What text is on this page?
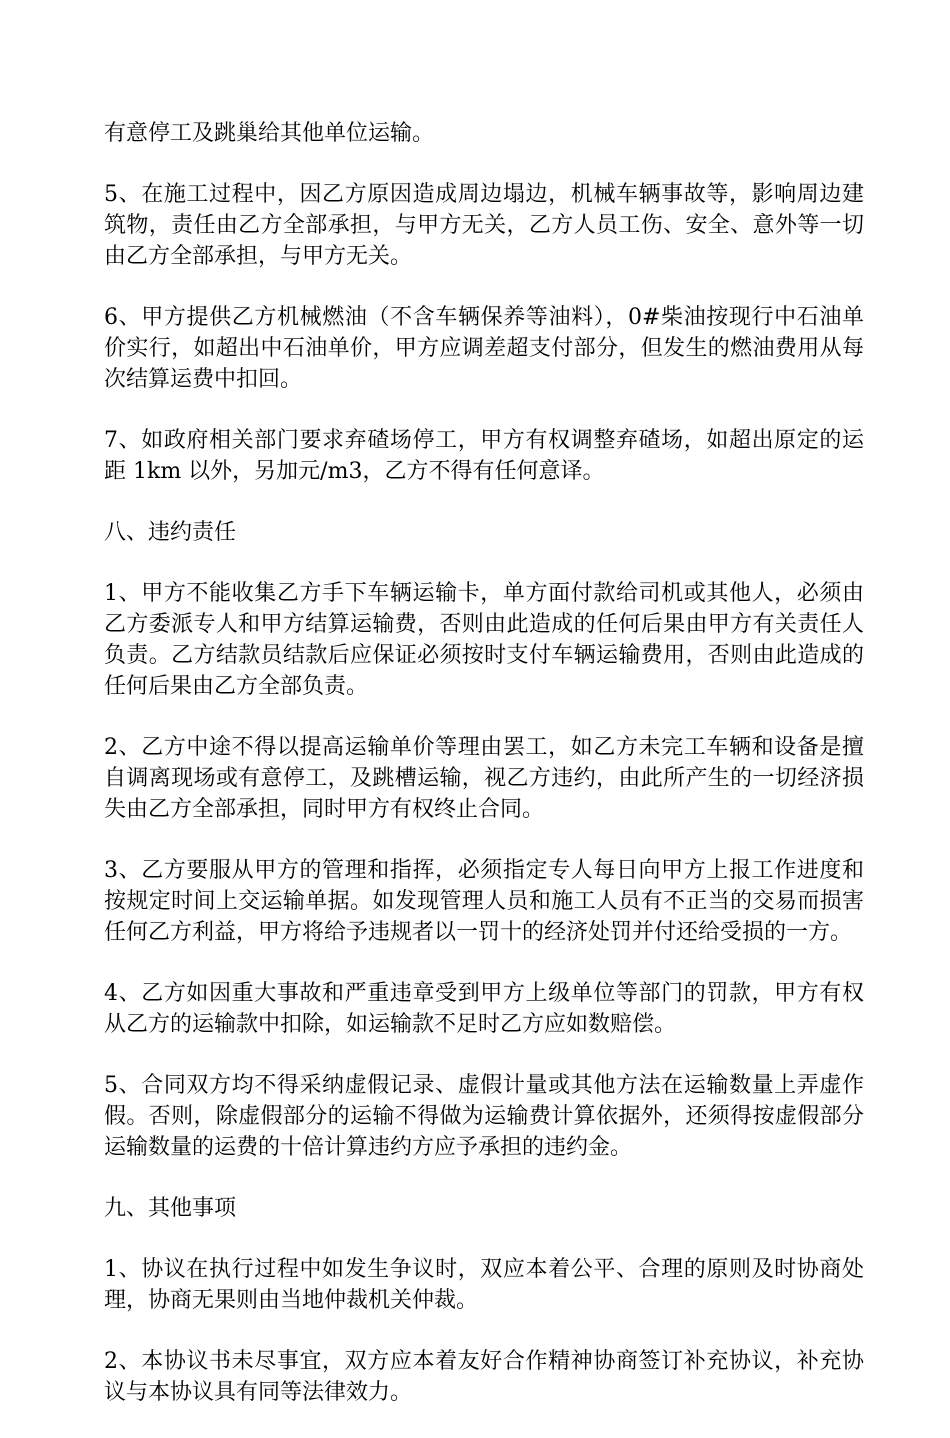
有意停工及跳巢给其他单位运输。

5、在施工过程中，因乙方原因造成周边塌边，机械车辆事故等，影响周边建筑物，责任由乙方全部承担，与甲方无关，乙方人员工伤、安全、意外等一切由乙方全部承担，与甲方无关。

6、甲方提供乙方机械燃油（不含车辆保养等油料），0#柴油按现行中石油单价实行，如超出中石油单价，甲方应调差超支付部分，但发生的燃油费用从每次结算运费中扣回。

7、如政府相关部门要求弃碴场停工，甲方有权调整弃碴场，如超出原定的运距 1km 以外，另加元/m3，乙方不得有任何意译。

八、违约责任

1、甲方不能收集乙方手下车辆运输卡，单方面付款给司机或其他人，必须由乙方委派专人和甲方结算运输费，否则由此造成的任何后果由甲方有关责任人负责。乙方结款员结款后应保证必须按时支付车辆运输费用，否则由此造成的任何后果由乙方全部负责。

2、乙方中途不得以提高运输单价等理由罢工，如乙方未完工车辆和设备是擅自调离现场或有意停工，及跳槽运输，视乙方违约，由此所产生的一切经济损失由乙方全部承担，同时甲方有权终止合同。

3、乙方要服从甲方的管理和指挥，必须指定专人每日向甲方上报工作进度和按规定时间上交运输单据。如发现管理人员和施工人员有不正当的交易而损害任何乙方利益，甲方将给予违规者以一罚十的经济处罚并付还给受损的一方。

4、乙方如因重大事故和严重违章受到甲方上级单位等部门的罚款，甲方有权从乙方的运输款中扣除，如运输款不足时乙方应如数赔偿。

5、合同双方均不得采纳虚假记录、虚假计量或其他方法在运输数量上弄虚作假。否则，除虚假部分的运输不得做为运输费计算依据外，还须得按虚假部分运输数量的运费的十倍计算违约方应予承担的违约金。

九、其他事项

1、协议在执行过程中如发生争议时，双应本着公平、合理的原则及时协商处理，协商无果则由当地仲裁机关仲裁。

2、本协议书未尽事宜，双方应本着友好合作精神协商签订补充协议，补充协议与本协议具有同等法律效力。
